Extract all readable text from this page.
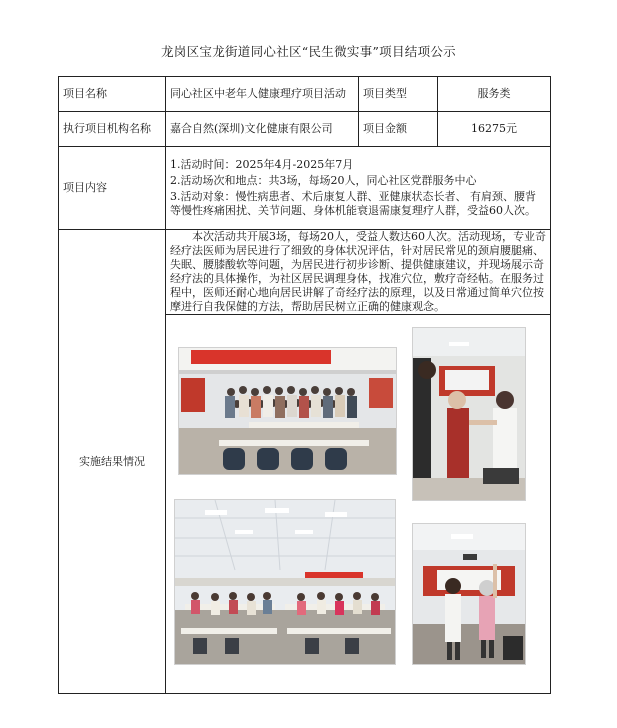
龙岗区宝龙街道同心社区“民生微实事”项目结项公示
项目名称	同心社区中老年人健康理疗项目活动	项目类型	服务类
执行项目机构名称	嘉合自然(深圳)文化健康有限公司	项目金额	16275元
项目内容	1.活动时间：2025年4月-2025年7月
2.活动场次和地点：共3场，每场20人，同心社区党群服务中心
3.活动对象：慢性病患者、术后康复人群、亚健康状态长者、 有肩颈、腰背等慢性疼痛困扰、关节问题、身体机能衰退需康复理疗人群，受益60人次。		

实施结果情况	本次活动共开展3场，每场20人，受益人数达60人次。活动现场，专业奇经疗法医师为居民进行了细致的身体状况评估，针对居民常见的颈肩腰腿痛、失眠、腰膝酸软等问题，为居民进行初步诊断、提供健康建议，并现场展示奇经疗法的具体操作，为社区居民调理身体，找准穴位，敷疗奇经帖。在服务过程中，医师还耐心地向居民讲解了奇经疗法的原理，以及日常通过简单穴位按摩进行自我保健的方法，帮助居民树立正确的健康观念。		
